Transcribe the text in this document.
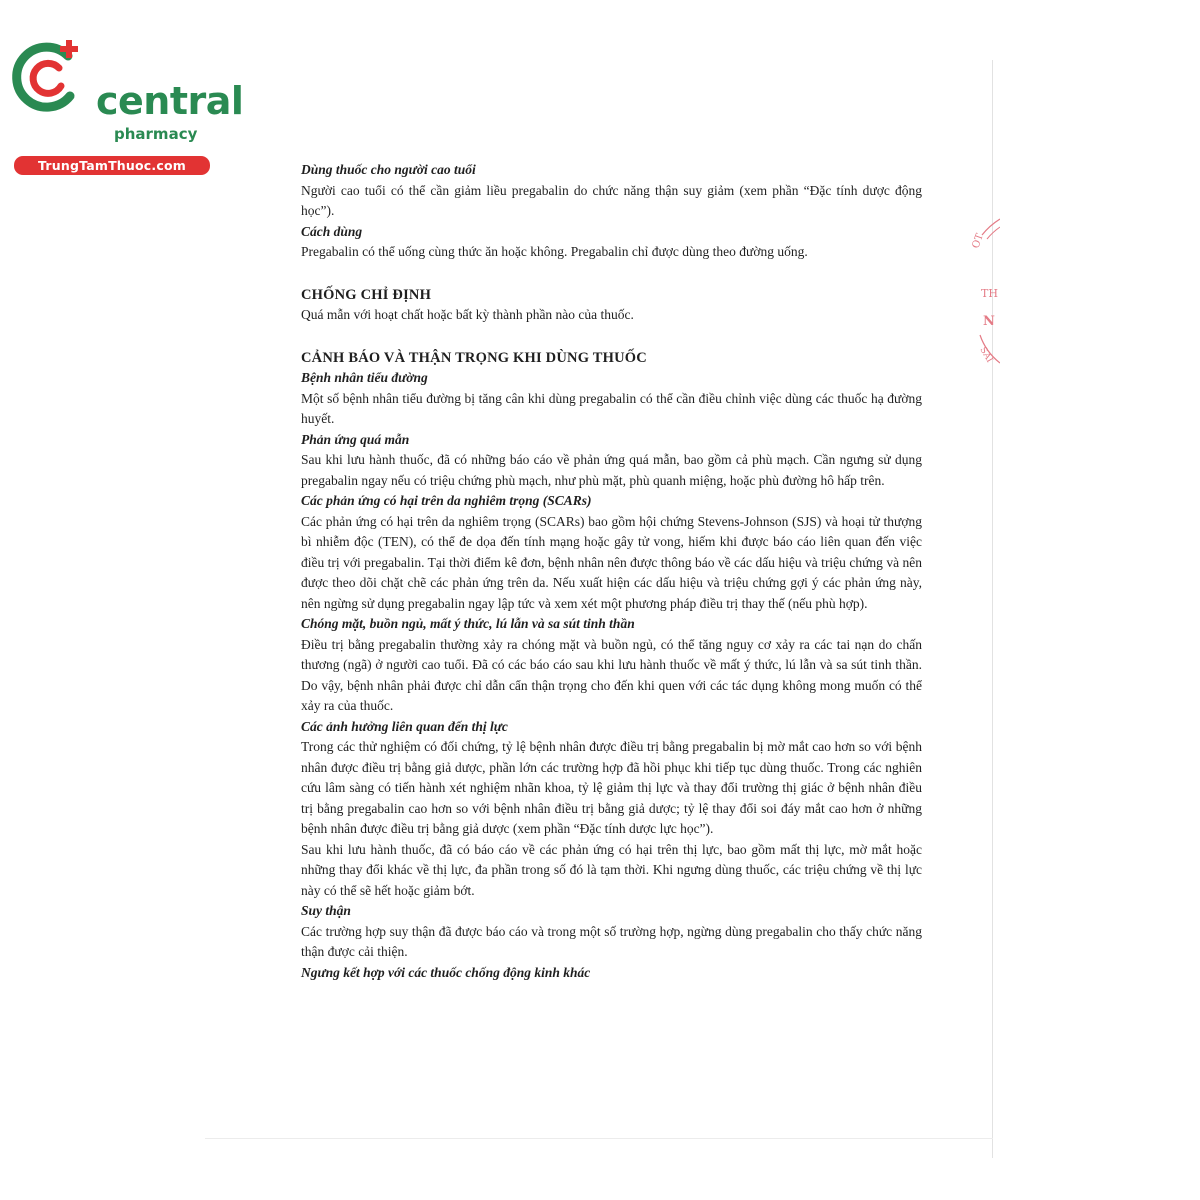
central
pharmacy
TrungTamThuoc.com
OT
TH
N
SAI

Dùng thuốc cho người cao tuổi

Người cao tuổi có thể cần giảm liều pregabalin do chức năng thận suy giảm (xem phần “Đặc tính dược động học”).

Cách dùng

Pregabalin có thể uống cùng thức ăn hoặc không. Pregabalin chỉ được dùng theo đường uống.

CHỐNG CHỈ ĐỊNH

Quá mẫn với hoạt chất hoặc bất kỳ thành phần nào của thuốc.

CẢNH BÁO VÀ THẬN TRỌNG KHI DÙNG THUỐC

Bệnh nhân tiểu đường

Một số bệnh nhân tiểu đường bị tăng cân khi dùng pregabalin có thể cần điều chỉnh việc dùng các thuốc hạ đường huyết.

Phản ứng quá mẫn

Sau khi lưu hành thuốc, đã có những báo cáo về phản ứng quá mẫn, bao gồm cả phù mạch. Cần ngưng sử dụng pregabalin ngay nếu có triệu chứng phù mạch, như phù mặt, phù quanh miệng, hoặc phù đường hô hấp trên.

Các phản ứng có hại trên da nghiêm trọng (SCARs)

Các phản ứng có hại trên da nghiêm trọng (SCARs) bao gồm hội chứng Stevens-Johnson (SJS) và hoại tử thượng bì nhiễm độc (TEN), có thể đe dọa đến tính mạng hoặc gây tử vong, hiếm khi được báo cáo liên quan đến việc điều trị với pregabalin. Tại thời điểm kê đơn, bệnh nhân nên được thông báo về các dấu hiệu và triệu chứng và nên được theo dõi chặt chẽ các phản ứng trên da. Nếu xuất hiện các dấu hiệu và triệu chứng gợi ý các phản ứng này, nên ngừng sử dụng pregabalin ngay lập tức và xem xét một phương pháp điều trị thay thế (nếu phù hợp).

Chóng mặt, buồn ngủ, mất ý thức, lú lẫn và sa sút tinh thần

Điều trị bằng pregabalin thường xảy ra chóng mặt và buồn ngủ, có thể tăng nguy cơ xảy ra các tai nạn do chấn thương (ngã) ở người cao tuổi. Đã có các báo cáo sau khi lưu hành thuốc về mất ý thức, lú lẫn và sa sút tinh thần. Do vậy, bệnh nhân phải được chỉ dẫn cẩn thận trọng cho đến khi quen với các tác dụng không mong muốn có thể xảy ra của thuốc.

Các ảnh hưởng liên quan đến thị lực

Trong các thử nghiệm có đối chứng, tỷ lệ bệnh nhân được điều trị bằng pregabalin bị mờ mắt cao hơn so với bệnh nhân được điều trị bằng giả dược, phần lớn các trường hợp đã hồi phục khi tiếp tục dùng thuốc. Trong các nghiên cứu lâm sàng có tiến hành xét nghiệm nhãn khoa, tỷ lệ giảm thị lực và thay đổi trường thị giác ở bệnh nhân điều trị bằng pregabalin cao hơn so với bệnh nhân điều trị bằng giả dược; tỷ lệ thay đổi soi đáy mắt cao hơn ở những bệnh nhân được điều trị bằng giả dược (xem phần “Đặc tính dược lực học”).

Sau khi lưu hành thuốc, đã có báo cáo về các phản ứng có hại trên thị lực, bao gồm mất thị lực, mờ mắt hoặc những thay đổi khác về thị lực, đa phần trong số đó là tạm thời. Khi ngưng dùng thuốc, các triệu chứng về thị lực này có thể sẽ hết hoặc giảm bớt.

Suy thận

Các trường hợp suy thận đã được báo cáo và trong một số trường hợp, ngừng dùng pregabalin cho thấy chức năng thận được cải thiện.

Ngưng kết hợp với các thuốc chống động kinh khác
